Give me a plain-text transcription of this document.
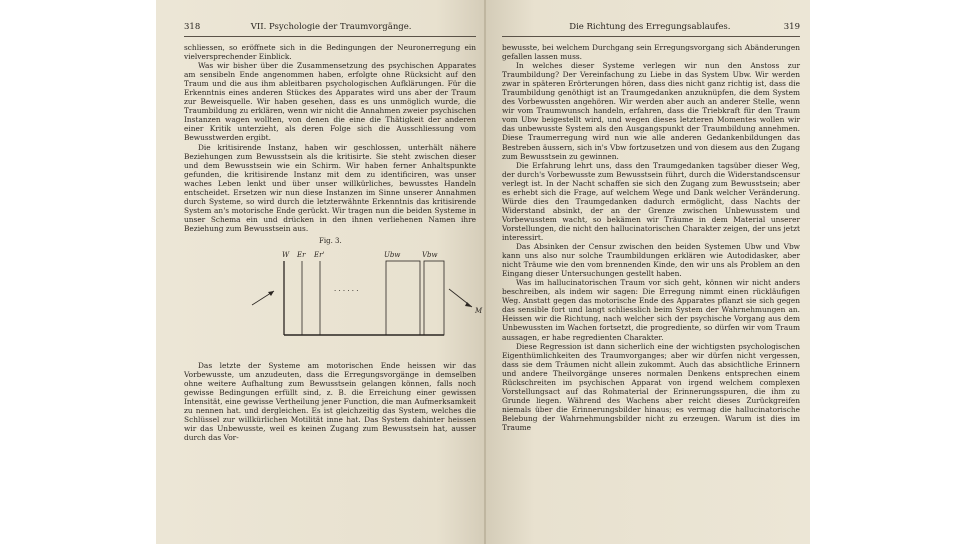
318	VII. Psychologie der Traumvorgänge.

schliessen, so eröffnete sich in die Bedingungen der Neuronerregung ein vielversprechender Einblick.

Was wir bisher über die Zusammensetzung des psychischen Apparates am sensibeln Ende angenommen haben, erfolgte ohne Rücksicht auf den Traum und die aus ihm ableitbaren psychologischen Aufklärungen. Für die Erkenntnis eines anderen Stückes des Apparates wird uns aber der Traum zur Beweisquelle. Wir haben gesehen, dass es uns unmöglich wurde, die Traumbildung zu erklären, wenn wir nicht die Annahmen zweier psychischen Instanzen wagen wollten, von denen die eine die Thätigkeit der anderen einer Kritik unterzieht, als deren Folge sich die Ausschliessung vom Bewusstwerden ergibt.

Die kritisirende Instanz, haben wir geschlossen, unterhält nähere Beziehungen zum Bewusstsein als die kritisirte. Sie steht zwischen dieser und dem Bewusstsein wie ein Schirm. Wir haben ferner Anhaltspunkte gefunden, die kritisirende Instanz mit dem zu identificiren, was unser waches Leben lenkt und über unser willkürliches, bewusstes Handeln entscheidet. Ersetzen wir nun diese Instanzen im Sinne unserer Annahmen durch Systeme, so wird durch die letzterwähnte Erkenntnis das kritisirende System an's motorische Ende gerückt. Wir tragen nun die beiden Systeme in unser Schema ein und drücken in den ihnen verliehenen Namen ihre Beziehung zum Bewusstsein aus.

Fig. 3.
W Er Er'	Ubw	Vbw
· · · · · ·
M

Das letzte der Systeme am motorischen Ende heissen wir das Vorbewusste, um anzudeuten, dass die Erregungsvorgänge in demselben ohne weitere Aufhaltung zum Bewusstsein gelangen können, falls noch gewisse Bedingungen erfüllt sind, z. B. die Erreichung einer gewissen Intensität, eine gewisse Vertheilung jener Function, die man Aufmerksamkeit zu nennen hat. und dergleichen. Es ist gleichzeitig das System, welches die Schlüssel zur willkürlichen Motilität inne hat. Das System dahinter heissen wir das Unbewusste, weil es keinen Zugang zum Bewusstsein hat, ausser durch das Vor-

Die Richtung des Erregungsablaufes.	319

bewusste, bei welchem Durchgang sein Erregungsvorgang sich Abänderungen gefallen lassen muss.

In welches dieser Systeme verlegen wir nun den Anstoss zur Traumbildung? Der Vereinfachung zu Liebe in das System Ubw. Wir werden zwar in späteren Erörterungen hören, dass dies nicht ganz richtig ist, dass die Traumbildung genöthigt ist an Traumgedanken anzuknüpfen, die dem System des Vorbewussten angehören. Wir werden aber auch an anderer Stelle, wenn wir vom Traumwunsch handeln, erfahren, dass die Triebkraft für den Traum vom Ubw beigestellt wird, und wegen dieses letzteren Momentes wollen wir das unbewusste System als den Ausgangspunkt der Traumbildung annehmen. Diese Traumerregung wird nun wie alle anderen Gedankenbildungen das Bestreben äussern, sich in's Vbw fortzusetzen und von diesem aus den Zugang zum Bewusstsein zu gewinnen.

Die Erfahrung lehrt uns, dass den Traumgedanken tagsüber dieser Weg, der durch's Vorbewusste zum Bewusstsein führt, durch die Widerstandscensur verlegt ist. In der Nacht schaffen sie sich den Zugang zum Bewusstsein; aber es erhebt sich die Frage, auf welchem Wege und Dank welcher Veränderung. Würde dies den Traumgedanken dadurch ermöglicht, dass Nachts der Widerstand absinkt, der an der Grenze zwischen Unbewusstem und Vorbewusstem wacht, so bekämen wir Träume in dem Material unserer Vorstellungen, die nicht den hallucinatorischen Charakter zeigen, der uns jetzt interessirt.

Das Absinken der Censur zwischen den beiden Systemen Ubw und Vbw kann uns also nur solche Traumbildungen erklären wie Autodidasker, aber nicht Träume wie den vom brennenden Kinde, den wir uns als Problem an den Eingang dieser Untersuchungen gestellt haben.

Was im hallucinatorischen Traum vor sich geht, können wir nicht anders beschreiben, als indem wir sagen: Die Erregung nimmt einen rückläufigen Weg. Anstatt gegen das motorische Ende des Apparates pflanzt sie sich gegen das sensible fort und langt schliesslich beim System der Wahrnehmungen an. Heissen wir die Richtung, nach welcher sich der psychische Vorgang aus dem Unbewussten im Wachen fortsetzt, die progrediente, so dürfen wir vom Traum aussagen, er habe regredienten Charakter.

Diese Regression ist dann sicherlich eine der wichtigsten psychologischen Eigenthümlichkeiten des Traumvorganges; aber wir dürfen nicht vergessen, dass sie dem Träumen nicht allein zukommt. Auch das absichtliche Erinnern und andere Theilvorgänge unseres normalen Denkens entsprechen einem Rückschreiten im psychischen Apparat von irgend welchem complexen Vorstellungsact auf das Rohmaterial der Erinnerungsspuren, die ihm zu Grunde liegen. Während des Wachens aber reicht dieses Zurückgreifen niemals über die Erinnerungsbilder hinaus; es vermag die hallucinatorische Belebung der Wahrnehmungsbilder nicht zu erzeugen. Warum ist dies im Traume
